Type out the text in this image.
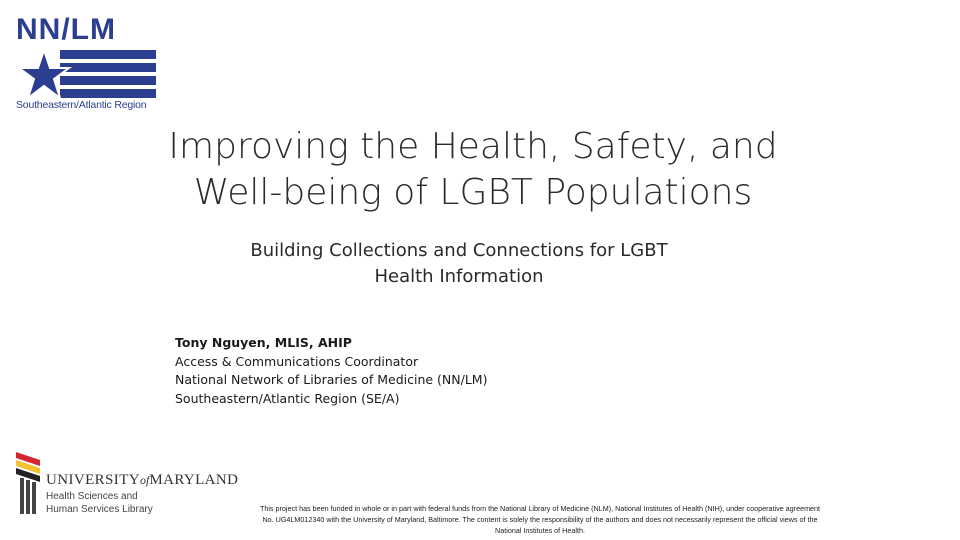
NN/LM
Southeastern/Atlantic Region
Improving the Health, Safety, and
Well-being of LGBT Populations
Building Collections and Connections for LGBT
Health Information
Tony Nguyen, MLIS, AHIP
Access & Communications Coordinator
National Network of Libraries of Medicine (NN/LM)
Southeastern/Atlantic Region (SE/A)
UNIVERSITYofMARYLAND
Health Sciences and
Human Services Library	This project has been funded in whole or in part with federal funds from the National Library of Medicine (NLM), National Institutes of Health (NIH), under cooperative agreement No. UG4LM012340 with the University of Maryland, Baltimore. The content is solely the responsibility of the authors and does not necessarily represent the official views of the National Institutes of Health.
